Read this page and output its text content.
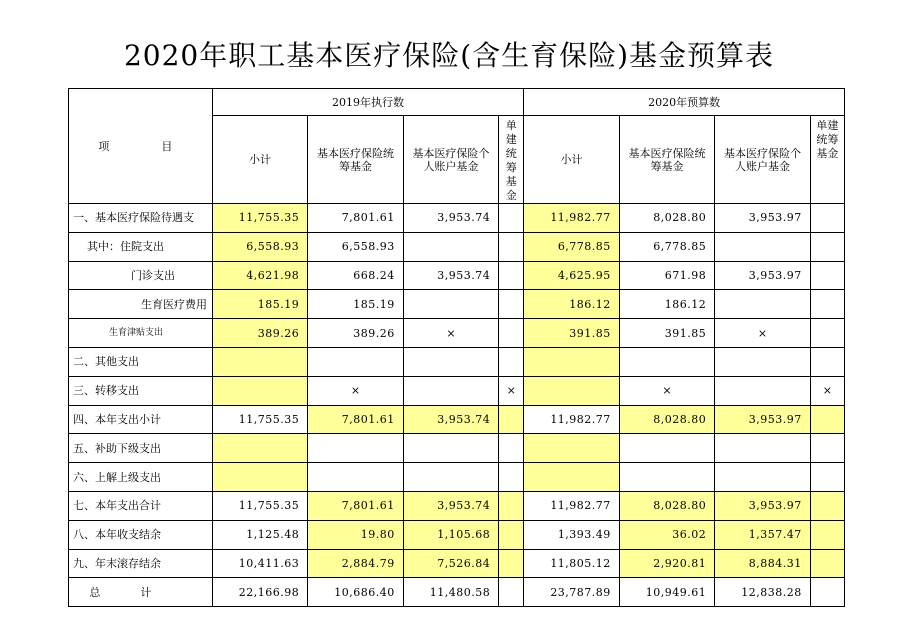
2020年职工基本医疗保险(含生育保险)基金预算表
项　　目	2019年执行数				2020年预算数			
	小计	基本医疗保险统筹基金	基本医疗保险个人账户基金	单建统筹基金	小计	基本医疗保险统筹基金	基本医疗保险个人账户基金	单建统筹基金
一、基本医疗保险待遇支	11,755.35	7,801.61	3,953.74		11,982.77	8,028.80	3,953.97	
其中：住院支出	6,558.93	6,558.93			6,778.85	6,778.85		
门诊支出	4,621.98	668.24	3,953.74		4,625.95	671.98	3,953.97	
生育医疗费用	185.19	185.19			186.12	186.12		
生育津贴支出	389.26	389.26	×		391.85	391.85	×	
二、其他支出								
三、转移支出		×		×		×		×
四、本年支出小计	11,755.35	7,801.61	3,953.74		11,982.77	8,028.80	3,953.97	
五、补助下级支出								
六、上解上级支出								
七、本年支出合计	11,755.35	7,801.61	3,953.74		11,982.77	8,028.80	3,953.97	
八、本年收支结余	1,125.48	19.80	1,105.68		1,393.49	36.02	1,357.47	
九、年末滚存结余	10,411.63	2,884.79	7,526.84		11,805.12	2,920.81	8,884.31	
总计	22,166.98	10,686.40	11,480.58		23,787.89	10,949.61	12,838.28	
